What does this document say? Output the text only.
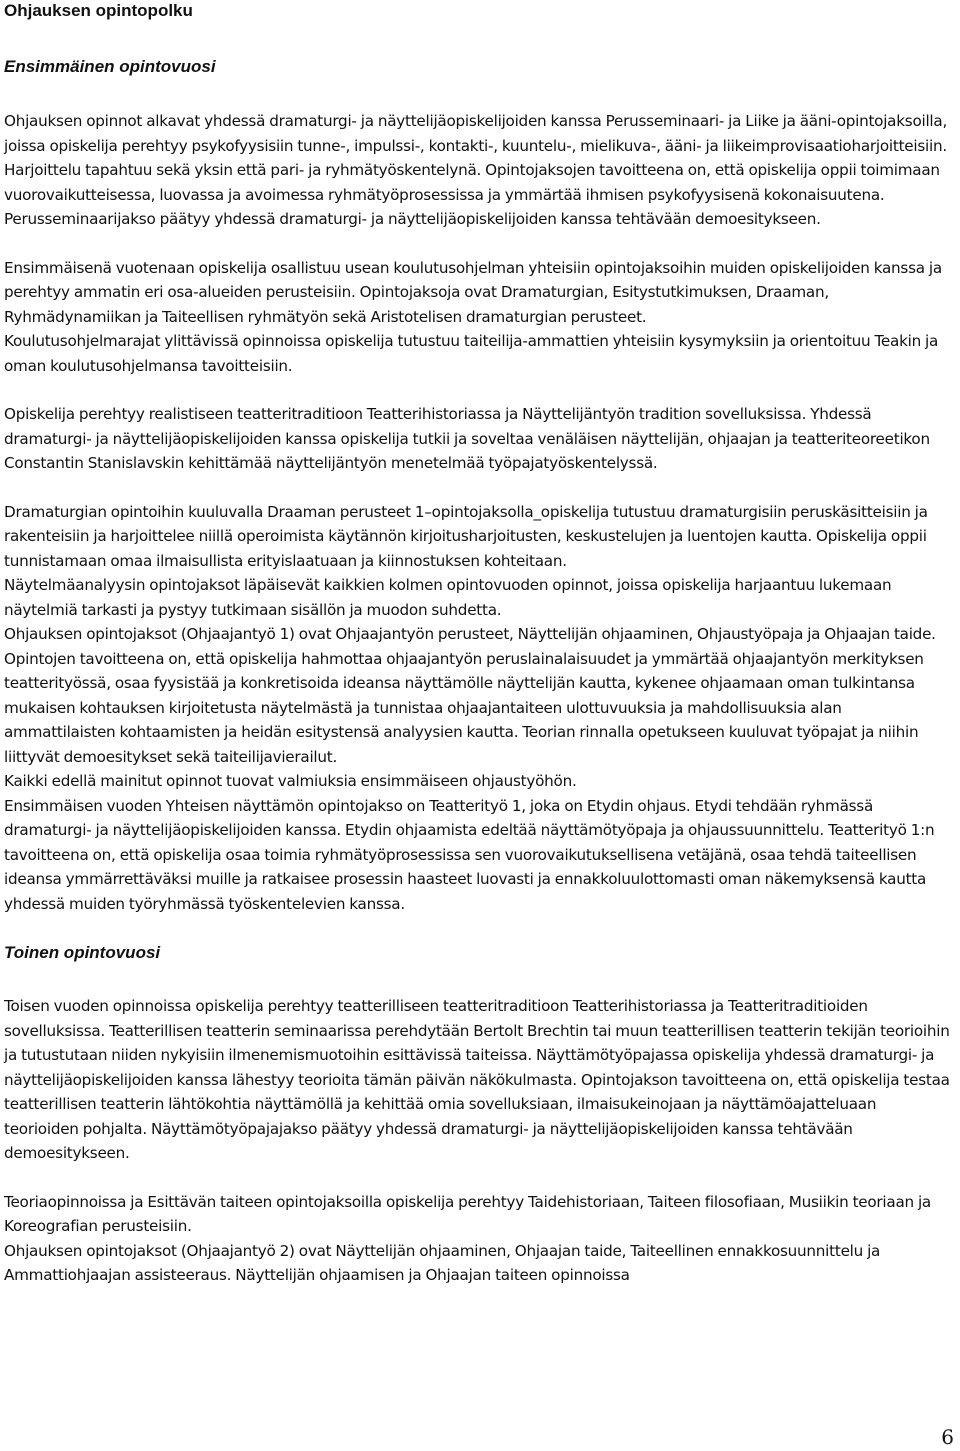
Ohjauksen opintopolku
Ensimmäinen opintovuosi

Ohjauksen opinnot alkavat yhdessä dramaturgi- ja näyttelijäopiskelijoiden kanssa Perusseminaari- ja Liike ja ääni-opintojaksoilla, joissa opiskelija perehtyy psykofyysisiin tunne-, impulssi-, kontakti-, kuuntelu-, mielikuva-, ääni- ja liikeimprovisaatioharjoitteisiin. Harjoittelu tapahtuu sekä yksin että pari- ja ryhmätyöskentelynä. Opintojaksojen tavoitteena on, että opiskelija oppii toimimaan vuorovaikutteisessa, luovassa ja avoimessa ryhmätyöprosessissa ja ymmärtää ihmisen psykofyysisenä kokonaisuutena. Perusseminaarijakso päätyy yhdessä dramaturgi- ja näyttelijäopiskelijoiden kanssa tehtävään demoesitykseen.

Ensimmäisenä vuotenaan opiskelija osallistuu usean koulutusohjelman yhteisiin opintojaksoihin muiden opiskelijoiden kanssa ja perehtyy ammatin eri osa-alueiden perusteisiin. Opintojaksoja ovat Dramaturgian, Esitystutkimuksen, Draaman, Ryhmädynamiikan ja Taiteellisen ryhmätyön sekä Aristotelisen dramaturgian perusteet.

Koulutusohjelmarajat ylittävissä opinnoissa opiskelija tutustuu taiteilija-ammattien yhteisiin kysymyksiin ja orientoituu Teakin ja oman koulutusohjelmansa tavoitteisiin.

Opiskelija perehtyy realistiseen teatteritraditioon Teatterihistoriassa ja Näyttelijäntyön tradition sovelluksissa. Yhdessä dramaturgi- ja näyttelijäopiskelijoiden kanssa opiskelija tutkii ja soveltaa venäläisen näyttelijän, ohjaajan ja teatteriteoreetikon Constantin Stanislavskin kehittämää näyttelijäntyön menetelmää työpajatyöskentelyssä.

Dramaturgian opintoihin kuuluvalla Draaman perusteet 1–opintojaksolla_opiskelija tutustuu dramaturgisiin peruskäsitteisiin ja rakenteisiin ja harjoittelee niillä operoimista käytännön kirjoitusharjoitusten, keskustelujen ja luentojen kautta. Opiskelija oppii tunnistamaan omaa ilmaisullista erityislaatuaan ja kiinnostuksen kohteitaan.

Näytelmäanalyysin opintojaksot läpäisevät kaikkien kolmen opintovuoden opinnot, joissa opiskelija harjaantuu lukemaan näytelmiä tarkasti ja pystyy tutkimaan sisällön ja muodon suhdetta.

Ohjauksen opintojaksot (Ohjaajantyö 1) ovat Ohjaajantyön perusteet, Näyttelijän ohjaaminen, Ohjaustyöpaja ja Ohjaajan taide. Opintojen tavoitteena on, että opiskelija hahmottaa ohjaajantyön peruslainalaisuudet ja ymmärtää ohjaajantyön merkityksen teatterityössä, osaa fyysistää ja konkretisoida ideansa näyttämölle näyttelijän kautta, kykenee ohjaamaan oman tulkintansa mukaisen kohtauksen kirjoitetusta näytelmästä ja tunnistaa ohjaajantaiteen ulottuvuuksia ja mahdollisuuksia alan ammattilaisten kohtaamisten ja heidän esitystensä analyysien kautta. Teorian rinnalla opetukseen kuuluvat työpajat ja niihin liittyvät demoesitykset sekä taiteilijavierailut.

Kaikki edellä mainitut opinnot tuovat valmiuksia ensimmäiseen ohjaustyöhön.

Ensimmäisen vuoden Yhteisen näyttämön opintojakso on Teatterityö 1, joka on Etydin ohjaus. Etydi tehdään ryhmässä dramaturgi- ja näyttelijäopiskelijoiden kanssa. Etydin ohjaamista edeltää näyttämötyöpaja ja ohjaussuunnittelu. Teatterityö 1:n tavoitteena on, että opiskelija osaa toimia ryhmätyöprosessissa sen vuorovaikutuksellisena vetäjänä, osaa tehdä taiteellisen ideansa ymmärrettäväksi muille ja ratkaisee prosessin haasteet luovasti ja ennakkoluulottomasti oman näkemyksensä kautta yhdessä muiden työryhmässä työskentelevien kanssa.

Toinen opintovuosi

Toisen vuoden opinnoissa opiskelija perehtyy teatterilliseen teatteritraditioon Teatterihistoriassa ja Teatteritraditioiden sovelluksissa. Teatterillisen teatterin seminaarissa perehdytään Bertolt Brechtin tai muun teatterillisen teatterin tekijän teorioihin ja tutustutaan niiden nykyisiin ilmenemismuotoihin esittävissä taiteissa. Näyttämötyöpajassa opiskelija yhdessä dramaturgi- ja näyttelijäopiskelijoiden kanssa lähestyy teorioita tämän päivän näkökulmasta. Opintojakson tavoitteena on, että opiskelija testaa teatterillisen teatterin lähtökohtia näyttämöllä ja kehittää omia sovelluksiaan, ilmaisukeinojaan ja näyttämöajatteluaan teorioiden pohjalta. Näyttämötyöpajajakso päätyy yhdessä dramaturgi- ja näyttelijäopiskelijoiden kanssa tehtävään demoesitykseen.

Teoriaopinnoissa ja Esittävän taiteen opintojaksoilla opiskelija perehtyy Taidehistoriaan, Taiteen filosofiaan, Musiikin teoriaan ja Koreografian perusteisiin.

Ohjauksen opintojaksot (Ohjaajantyö 2) ovat Näyttelijän ohjaaminen, Ohjaajan taide, Taiteellinen ennakkosuunnittelu ja Ammattiohjaajan assisteeraus. Näyttelijän ohjaamisen ja Ohjaajan taiteen opinnoissa

6
